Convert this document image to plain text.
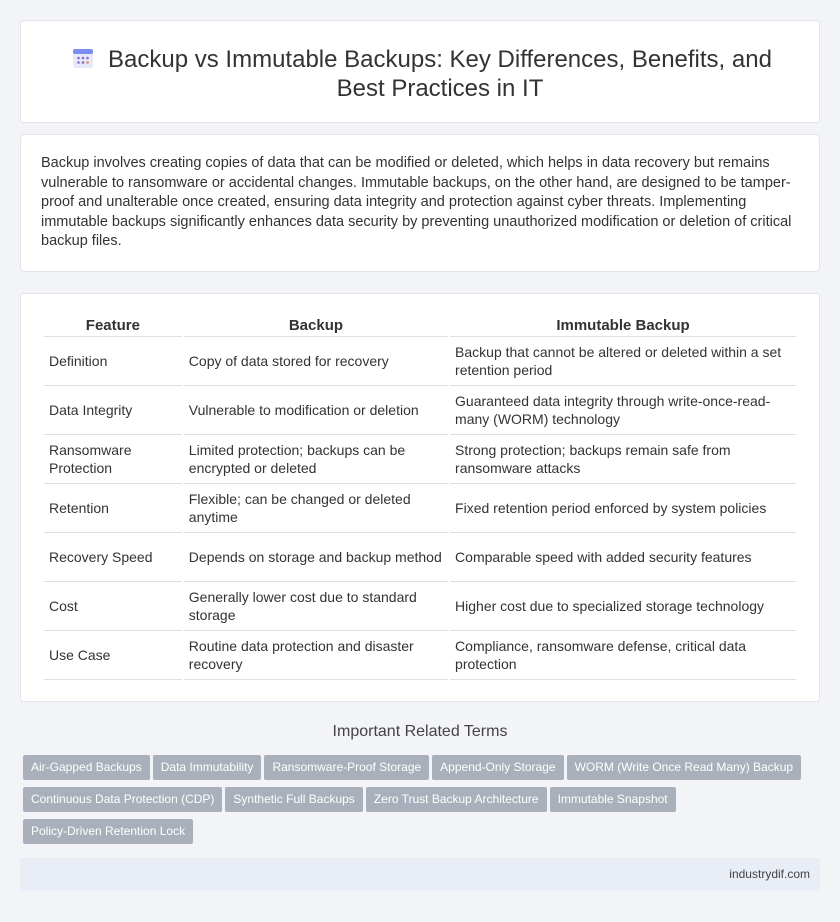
Backup vs Immutable Backups: Key Differences, Benefits, and Best Practices in IT

Backup involves creating copies of data that can be modified or deleted, which helps in data recovery but remains vulnerable to ransomware or accidental changes. Immutable backups, on the other hand, are designed to be tamper-proof and unalterable once created, ensuring data integrity and protection against cyber threats. Implementing immutable backups significantly enhances data security by preventing unauthorized modification or deletion of critical backup files.

Feature	Backup	Immutable Backup
Definition	Copy of data stored for recovery	Backup that cannot be altered or deleted within a set retention period
Data Integrity	Vulnerable to modification or deletion	Guaranteed data integrity through write-once-read-many (WORM) technology
Ransomware Protection	Limited protection; backups can be encrypted or deleted	Strong protection; backups remain safe from ransomware attacks
Retention	Flexible; can be changed or deleted anytime	Fixed retention period enforced by system policies
Recovery Speed	Depends on storage and backup method	Comparable speed with added security features
Cost	Generally lower cost due to standard storage	Higher cost due to specialized storage technology
Use Case	Routine data protection and disaster recovery	Compliance, ransomware defense, critical data protection
Important Related Terms
Air-Gapped Backups Data Immutability Ransomware-Proof Storage Append-Only Storage WORM (Write Once Read Many) Backup
Continuous Data Protection (CDP) Synthetic Full Backups Zero Trust Backup Architecture Immutable Snapshot
Policy-Driven Retention Lock
industrydif.com
